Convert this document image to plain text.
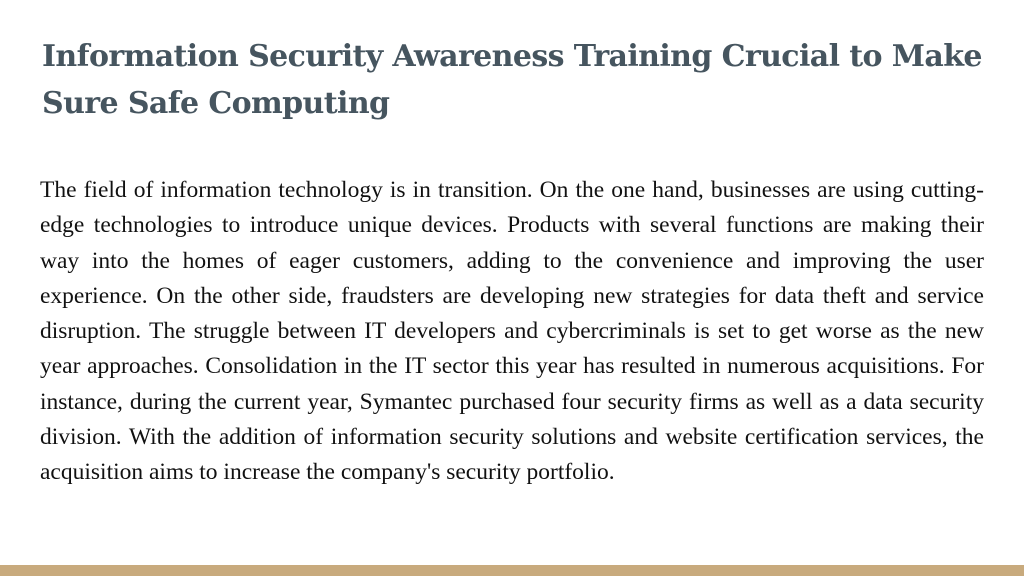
Information Security Awareness Training Crucial to Make Sure Safe Computing

The field of information technology is in transition. On the one hand, businesses are using cutting-edge technologies to introduce unique devices. Products with several functions are making their way into the homes of eager customers, adding to the convenience and improving the user experience. On the other side, fraudsters are developing new strategies for data theft and service disruption. The struggle between IT developers and cybercriminals is set to get worse as the new year approaches. Consolidation in the IT sector this year has resulted in numerous acquisitions. For instance, during the current year, Symantec purchased four security firms as well as a data security division. With the addition of information security solutions and website certification services, the acquisition aims to increase the company's security portfolio.
